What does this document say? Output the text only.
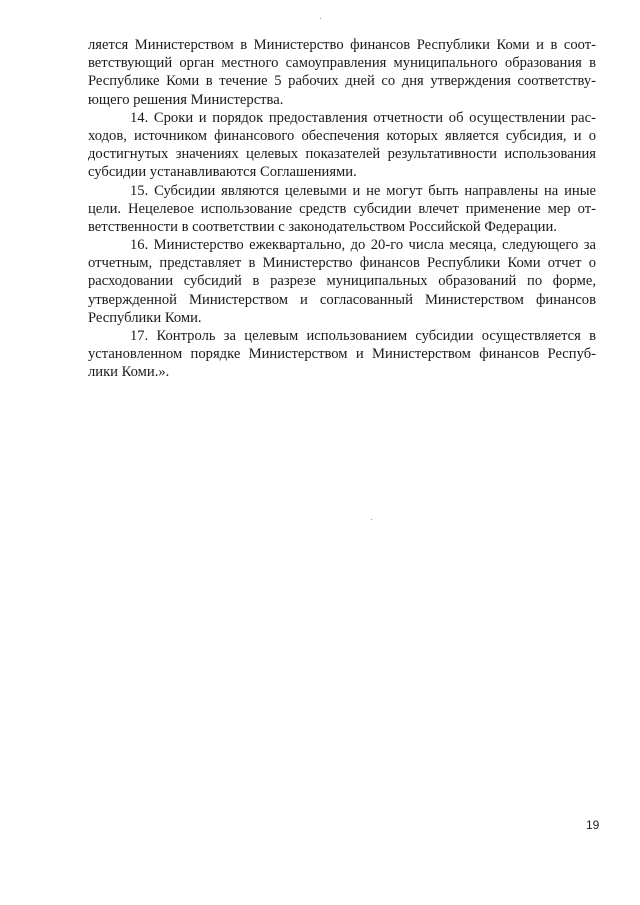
ляется Министерством в Министерство финансов Республики Коми и в соот-
ветствующий орган местного самоуправления муниципального образования в
Республике Коми в течение 5 рабочих дней со дня утверждения соответству-
ющего решения Министерства.
14. Сроки и порядок предоставления отчетности об осуществлении рас-
ходов, источником финансового обеспечения которых является субсидия, и о
достигнутых значениях целевых показателей результативности использования
субсидии устанавливаются Соглашениями.
15. Субсидии являются целевыми и не могут быть направлены на иные
цели. Нецелевое использование средств субсидии влечет применение мер от-
ветственности в соответствии с законодательством Российской Федерации.
16. Министерство ежеквартально, до 20-го числа месяца, следующего за
отчетным, представляет в Министерство финансов Республики Коми отчет о
расходовании субсидий в разрезе муниципальных образований по форме,
утвержденной Министерством и согласованный Министерством финансов
Республики Коми.
17. Контроль за целевым использованием субсидии осуществляется в
установленном порядке Министерством и Министерством финансов Респуб-
лики Коми.».
19
